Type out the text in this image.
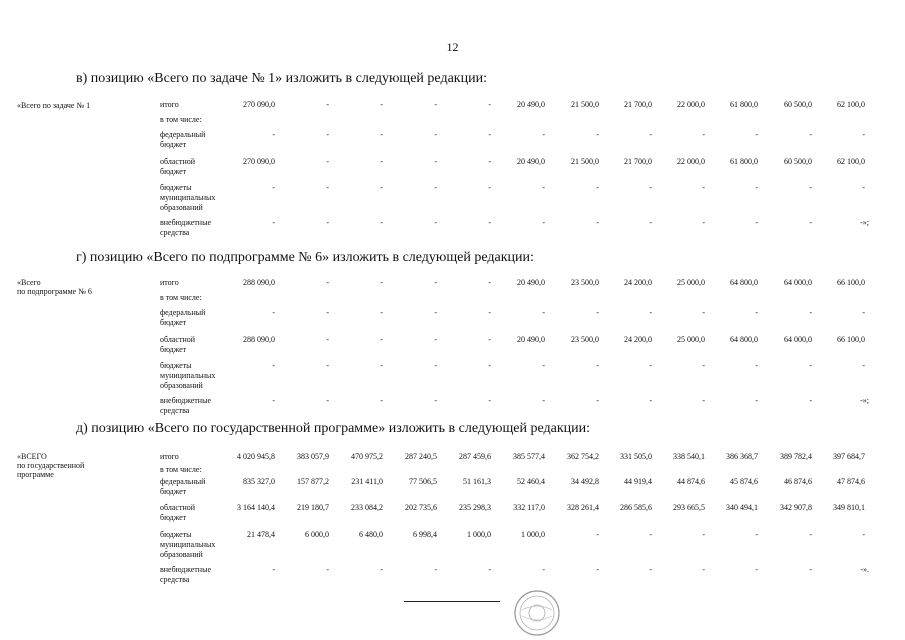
12
в) позицию «Всего по задаче № 1» изложить в следующей редакции:
«Всего по задаче № 1	итого	270 090,0	-	-	-	-	20 490,0	21 500,0	21 700,0	22 000,0	61 800,0	60 500,0	62 100,0
в том числе:
федеральный
бюджет
-	-	-	-	-	-	-	-	-	-	-	-
областной
бюджет
270 090,0	-	-	-	-	20 490,0	21 500,0	21 700,0	22 000,0	61 800,0	60 500,0	62 100,0
бюджеты
муниципальных
образований
-	-	-	-	-	-	-	-	-	-	-	-
внебюджетные
средства
-	-	-	-	-	-	-	-	-	-	-	-»;
г) позицию «Всего по подпрограмме № 6» изложить в следующей редакции:
«Всего
по подпрограмме № 6
итого	288 090,0	-	-	-	-	20 490,0	23 500,0	24 200,0	25 000,0	64 800,0	64 000,0	66 100,0
в том числе:
федеральный
бюджет
-	-	-	-	-	-	-	-	-	-	-	-
областной
бюджет
288 090,0	-	-	-	-	20 490,0	23 500,0	24 200,0	25 000,0	64 800,0	64 000,0	66 100,0
бюджеты
муниципальных
образований
-	-	-	-	-	-	-	-	-	-	-	-
внебюджетные
средства
-	-	-	-	-	-	-	-	-	-	-	-»;
д) позицию «Всего по государственной программе» изложить в следующей редакции:
«ВСЕГО
по государственной
программе
итого	4 020 945,8	383 057,9	470 975,2	287 240,5	287 459,6	385 577,4	362 754,2	331 505,0	338 540,1	386 368,7	389 782,4	397 684,7
в том числе:
федеральный
бюджет
835 327,0	157 877,2	231 411,0	77 506,5	51 161,3	52 460,4	34 492,8	44 919,4	44 874,6	45 874,6	46 874,6	47 874,6
областной
бюджет
3 164 140,4	219 180,7	233 084,2	202 735,6	235 298,3	332 117,0	328 261,4	286 585,6	293 665,5	340 494,1	342 907,8	349 810,1
бюджеты
муниципальных
образований
21 478,4	6 000,0	6 480,0	6 998,4	1 000,0	1 000,0	-	-	-	-	-	-
внебюджетные
средства
-	-	-	-	-	-	-	-	-	-	-	-».
